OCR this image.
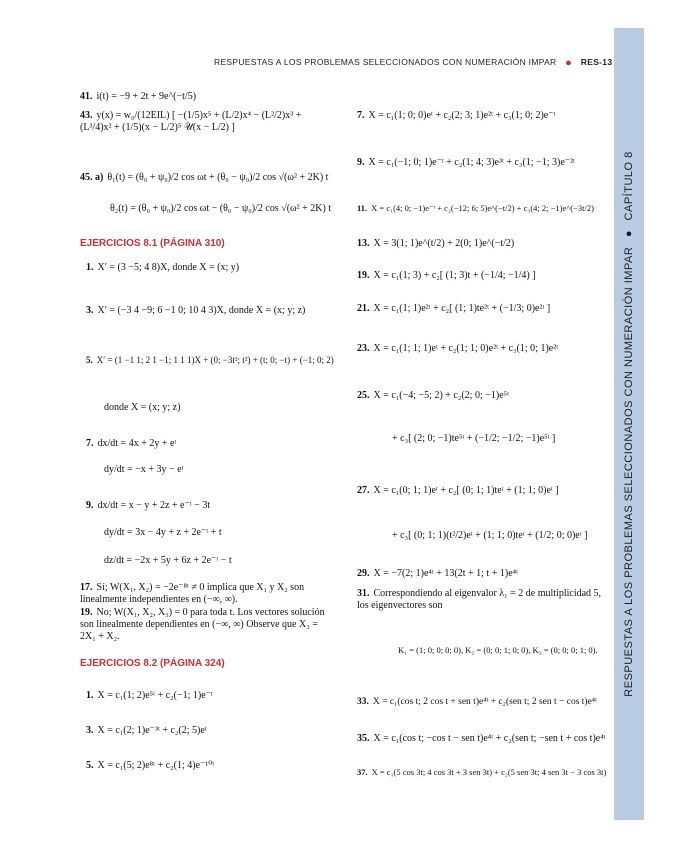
RESPUESTAS A LOS PROBLEMAS SELECCIONADOS CON NUMERACIÓN IMPAR ● RES-13
RESPUESTAS A LOS PROBLEMAS SELECCIONADOS CON NUMERACIÓN IMPAR ● CAPÍTULO 8
41. i(t) = −9 + 2t + 9e^(−t/5)
43. y(x) = w₀/(12EIL) [ −(1/5)x⁵ + (L/2)x⁴ − (L²/2)x³ + (L³/4)x² + (1/5)(x − L/2)⁵ 𝒰(x − L/2) ]
45. a) θ₁(t) = (θ₀ + ψ₀)/2 cos ωt + (θ₀ − ψ₀)/2 cos √(ω² + 2K) t
θ₂(t) = (θ₀ + ψ₀)/2 cos ωt − (θ₀ − ψ₀)/2 cos √(ω² + 2K) t
EJERCICIOS 8.1 (PÁGINA 310)
1. X′ = (3 −5; 4 8)X, donde X = (x; y)
3. X′ = (−3 4 −9; 6 −1 0; 10 4 3)X, donde X = (x; y; z)
5. X′ = (1 −1 1; 2 1 −1; 1 1 1)X + (0; −3t²; t²) + (t; 0; −t) + (−1; 0; 2)
donde X = (x; y; z)
7. dx/dt = 4x + 2y + eᵗ
dy/dt = −x + 3y − eᵗ
9. dx/dt = x − y + 2z + e⁻ᵗ − 3t
dy/dt = 3x − 4y + z + 2e⁻ᵗ + t
dz/dt = −2x + 5y + 6z + 2e⁻ᵗ − t
17. Sí; W(X₁, X₂) = −2e⁻⁸ᵗ ≠ 0 implica que X₁ y X₂ son linealmente independientes en (−∞, ∞).
19. No; W(X₁, X₂, X₃) = 0 para toda t. Los vectores solución son linealmente dependientes en (−∞, ∞) Observe que X₃ = 2X₁ + X₂.
EJERCICIOS 8.2 (PÁGINA 324)
1. X = c₁(1; 2)e⁵ᵗ + c₂(−1; 1)e⁻ᵗ
3. X = c₁(2; 1)e⁻³ᵗ + c₂(2; 5)eᵗ
5. X = c₁(5; 2)e⁸ᵗ + c₂(1; 4)e⁻¹⁰ᵗ
7. X = c₁(1; 0; 0)eᵗ + c₂(2; 3; 1)e²ᵗ + c₃(1; 0; 2)e⁻ᵗ
9. X = c₁(−1; 0; 1)e⁻ᵗ + c₂(1; 4; 3)e³ᵗ + c₃(1; −1; 3)e⁻²ᵗ
11. X = c₁(4; 0; −1)e⁻ᵗ + c₂(−12; 6; 5)e^(−t/2) + c₃(4; 2; −1)e^(−3t/2)
13. X = 3(1; 1)e^(t/2) + 2(0; 1)e^(−t/2)
19. X = c₁(1; 3) + c₂[ (1; 3)t + (−1/4; −1/4) ]
21. X = c₁(1; 1)e²ᵗ + c₂[ (1; 1)te²ᵗ + (−1/3; 0)e²ᵗ ]
23. X = c₁(1; 1; 1)eᵗ + c₂(1; 1; 0)e²ᵗ + c₃(1; 0; 1)e²ᵗ
25. X = c₁(−4; −5; 2) + c₂(2; 0; −1)e⁵ᵗ
+ c₃[ (2; 0; −1)te⁵ᵗ + (−1/2; −1/2; −1)e⁵ᵗ ]
27. X = c₁(0; 1; 1)eᵗ + c₂[ (0; 1; 1)teᵗ + (1; 1; 0)eᵗ ]
+ c₃[ (0; 1; 1)(t²/2)eᵗ + (1; 1; 0)teᵗ + (1/2; 0; 0)eᵗ ]
29. X = −7(2; 1)e⁴ᵗ + 13(2t + 1; t + 1)e⁴ᵗ
31. Correspondiendo al eigenvalor λ₁ = 2 de multiplicidad 5, los eigenvectores son
K₁ = (1; 0; 0; 0; 0), K₂ = (0; 0; 1; 0; 0), K₃ = (0; 0; 0; 1; 0).
33. X = c₁(cos t; 2 cos t + sen t)e⁴ᵗ + c₂(sen t; 2 sen t − cos t)e⁴ᵗ
35. X = c₁(cos t; −cos t − sen t)e⁴ᵗ + c₂(sen t; −sen t + cos t)e⁴ᵗ
37. X = c₁(5 cos 3t; 4 cos 3t + 3 sen 3t) + c₂(5 sen 3t; 4 sen 3t − 3 cos 3t)
